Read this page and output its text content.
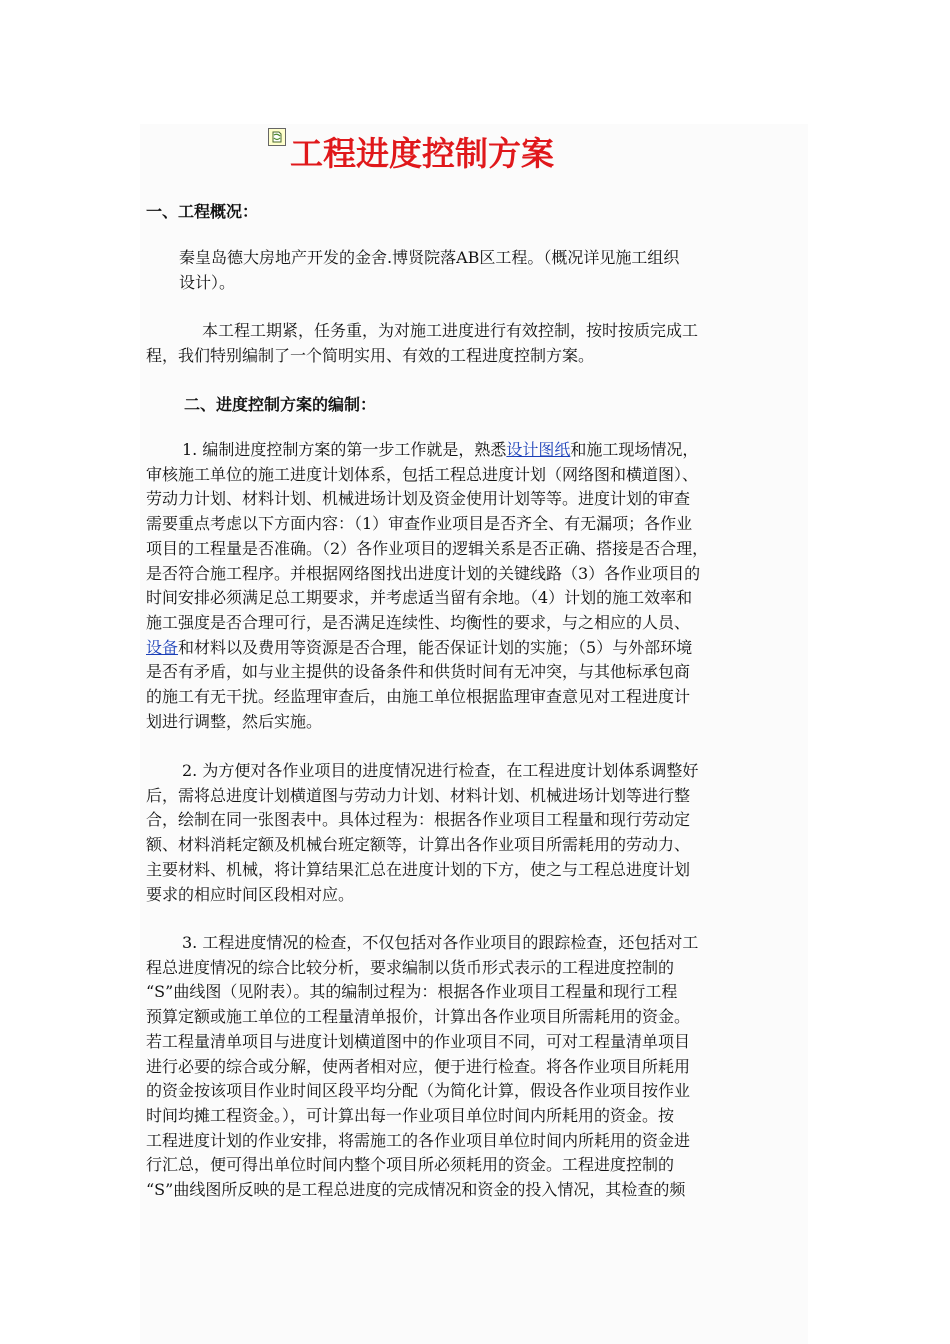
工程进度控制方案
一、工程概况：
秦皇岛德大房地产开发的金舍.博贤院落AB区工程。（概况详见施工组织
设计）。
本工程工期紧，任务重，为对施工进度进行有效控制，按时按质完成工
程，我们特别编制了一个简明实用、有效的工程进度控制方案。
二、进度控制方案的编制：
1. 编制进度控制方案的第一步工作就是，熟悉设计图纸和施工现场情况，
审核施工单位的施工进度计划体系，包括工程总进度计划（网络图和横道图）、
劳动力计划、材料计划、机械进场计划及资金使用计划等等。进度计划的审查
需要重点考虑以下方面内容：（1）审查作业项目是否齐全、有无漏项；各作业
项目的工程量是否准确。（2）各作业项目的逻辑关系是否正确、搭接是否合理，
是否符合施工程序。并根据网络图找出进度计划的关键线路（3）各作业项目的
时间安排必须满足总工期要求，并考虑适当留有余地。（4）计划的施工效率和
施工强度是否合理可行，是否满足连续性、均衡性的要求，与之相应的人员、
设备和材料以及费用等资源是否合理，能否保证计划的实施；（5）与外部环境
是否有矛盾，如与业主提供的设备条件和供货时间有无冲突，与其他标承包商
的施工有无干扰。经监理审查后，由施工单位根据监理审查意见对工程进度计
划进行调整，然后实施。
2. 为方便对各作业项目的进度情况进行检查，在工程进度计划体系调整好
后，需将总进度计划横道图与劳动力计划、材料计划、机械进场计划等进行整
合，绘制在同一张图表中。具体过程为：根据各作业项目工程量和现行劳动定
额、材料消耗定额及机械台班定额等，计算出各作业项目所需耗用的劳动力、
主要材料、机械，将计算结果汇总在进度计划的下方，使之与工程总进度计划
要求的相应时间区段相对应。
3. 工程进度情况的检查，不仅包括对各作业项目的跟踪检查，还包括对工
程总进度情况的综合比较分析，要求编制以货币形式表示的工程进度控制的
“S”曲线图（见附表）。其的编制过程为：根据各作业项目工程量和现行工程
预算定额或施工单位的工程量清单报价，计算出各作业项目所需耗用的资金。
若工程量清单项目与进度计划横道图中的作业项目不同，可对工程量清单项目
进行必要的综合或分解，使两者相对应，便于进行检查。将各作业项目所耗用
的资金按该项目作业时间区段平均分配（为简化计算，假设各作业项目按作业
时间均摊工程资金。），可计算出每一作业项目单位时间内所耗用的资金。按
工程进度计划的作业安排，将需施工的各作业项目单位时间内所耗用的资金进
行汇总，便可得出单位时间内整个项目所必须耗用的资金。工程进度控制的
“S”曲线图所反映的是工程总进度的完成情况和资金的投入情况，其检查的频
